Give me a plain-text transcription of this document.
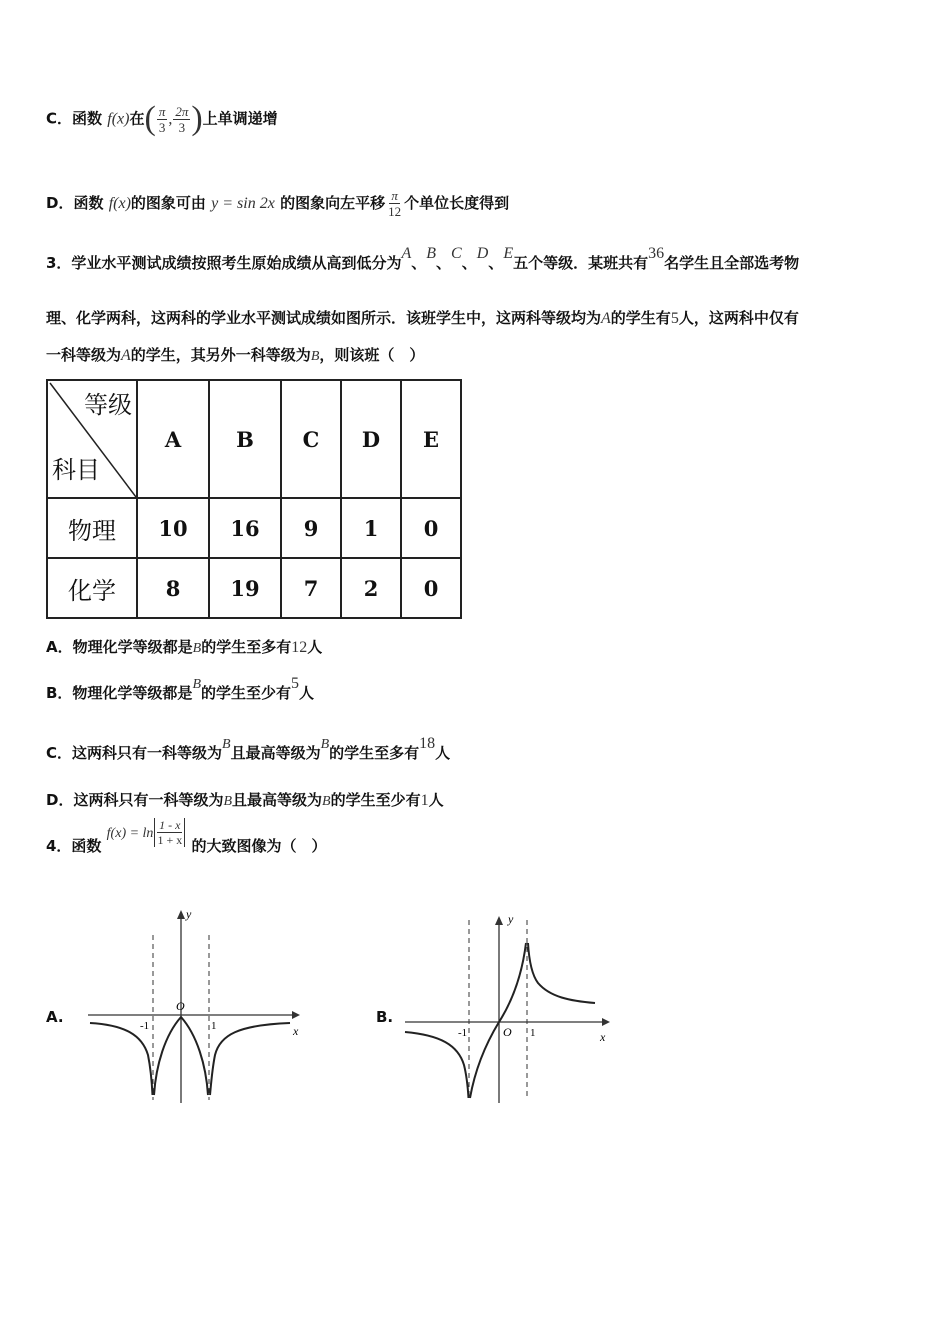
C．函数 f(x)在( $\frac{\pi}{3}$ , $\frac{2\pi}{3}$ )上单调递增
D．函数 f(x)的图象可由 y = sin 2x 的图象向左平移 $\frac{\pi}{12}$ 个单位长度得到
3．学业水平测试成绩按照考生原始成绩从高到低分为A、B、C、D、E五个等级．某班共有36名学生且全部选考物
理、化学两科，这两科的学业水平测试成绩如图所示．该班学生中，这两科等级均为A的学生有5人，这两科中仅有
一科等级为A的学生，其另外一科等级为B，则该班（　）
等级
科目	A	B	C	D	E
物理	10	16	9	1	0
化学	8	19	7	2	0
A．物理化学等级都是B的学生至多有12人
B．物理化学等级都是B的学生至少有5人
C．这两科只有一科等级为B且最高等级为B的学生至多有18人
D．这两科只有一科等级为B且最高等级为B的学生至少有1人
4．函数 $f(x) = \ln \frac{1 - x}{1 + x}$ 的大致图像为（　）
A.
x
y
O
-1	1	B.
x
y
O
-1	1
